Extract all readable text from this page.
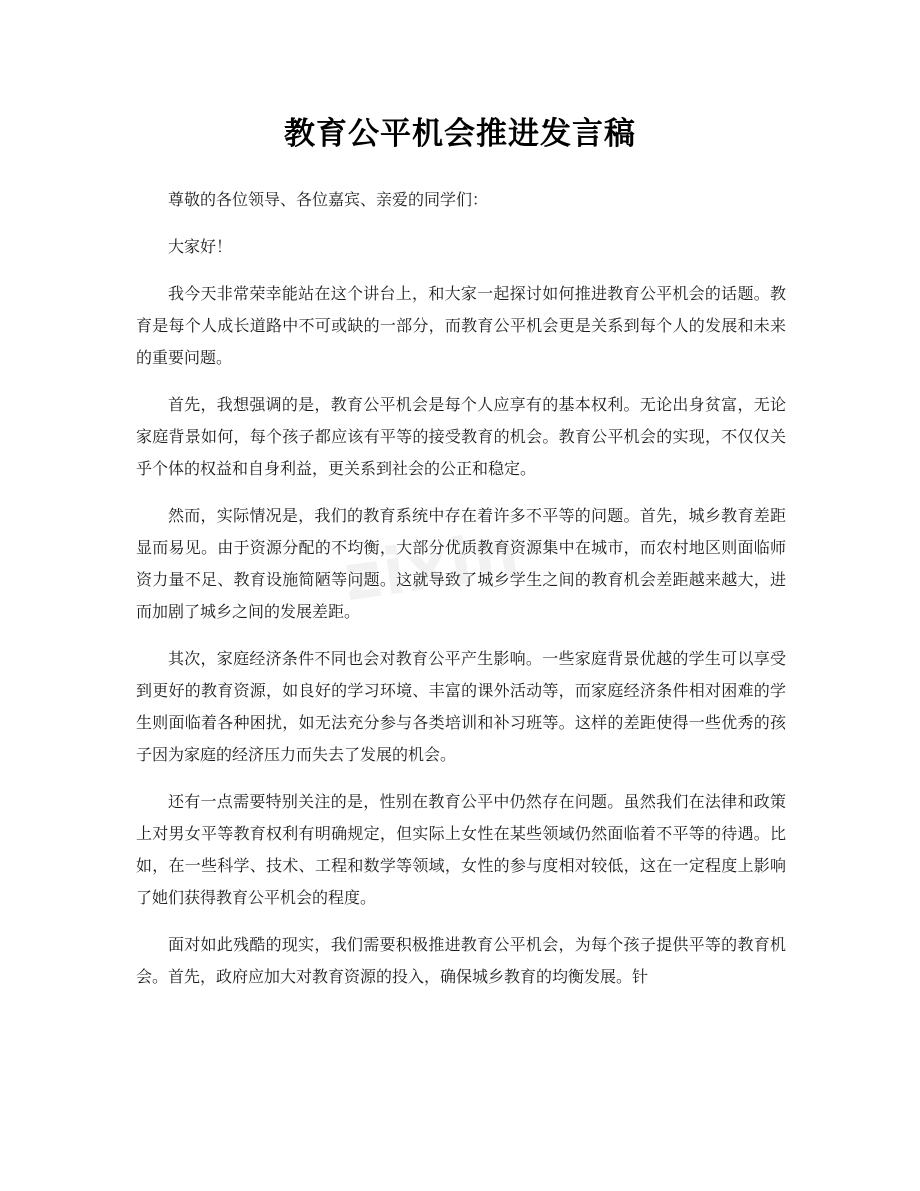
教育公平机会推进发言稿
zixin

尊敬的各位领导、各位嘉宾、亲爱的同学们：

大家好！

我今天非常荣幸能站在这个讲台上，和大家一起探讨如何推进教育公平机会的话题。教育是每个人成长道路中不可或缺的一部分，而教育公平机会更是关系到每个人的发展和未来的重要问题。

首先，我想强调的是，教育公平机会是每个人应享有的基本权利。无论出身贫富，无论家庭背景如何，每个孩子都应该有平等的接受教育的机会。教育公平机会的实现，不仅仅关乎个体的权益和自身利益，更关系到社会的公正和稳定。

然而，实际情况是，我们的教育系统中存在着许多不平等的问题。首先，城乡教育差距显而易见。由于资源分配的不均衡，大部分优质教育资源集中在城市，而农村地区则面临师资力量不足、教育设施简陋等问题。这就导致了城乡学生之间的教育机会差距越来越大，进而加剧了城乡之间的发展差距。

其次，家庭经济条件不同也会对教育公平产生影响。一些家庭背景优越的学生可以享受到更好的教育资源，如良好的学习环境、丰富的课外活动等，而家庭经济条件相对困难的学生则面临着各种困扰，如无法充分参与各类培训和补习班等。这样的差距使得一些优秀的孩子因为家庭的经济压力而失去了发展的机会。

还有一点需要特别关注的是，性别在教育公平中仍然存在问题。虽然我们在法律和政策上对男女平等教育权利有明确规定，但实际上女性在某些领域仍然面临着不平等的待遇。比如，在一些科学、技术、工程和数学等领域，女性的参与度相对较低，这在一定程度上影响了她们获得教育公平机会的程度。

面对如此残酷的现实，我们需要积极推进教育公平机会，为每个孩子提供平等的教育机会。首先，政府应加大对教育资源的投入，确保城乡教育的均衡发展。针
